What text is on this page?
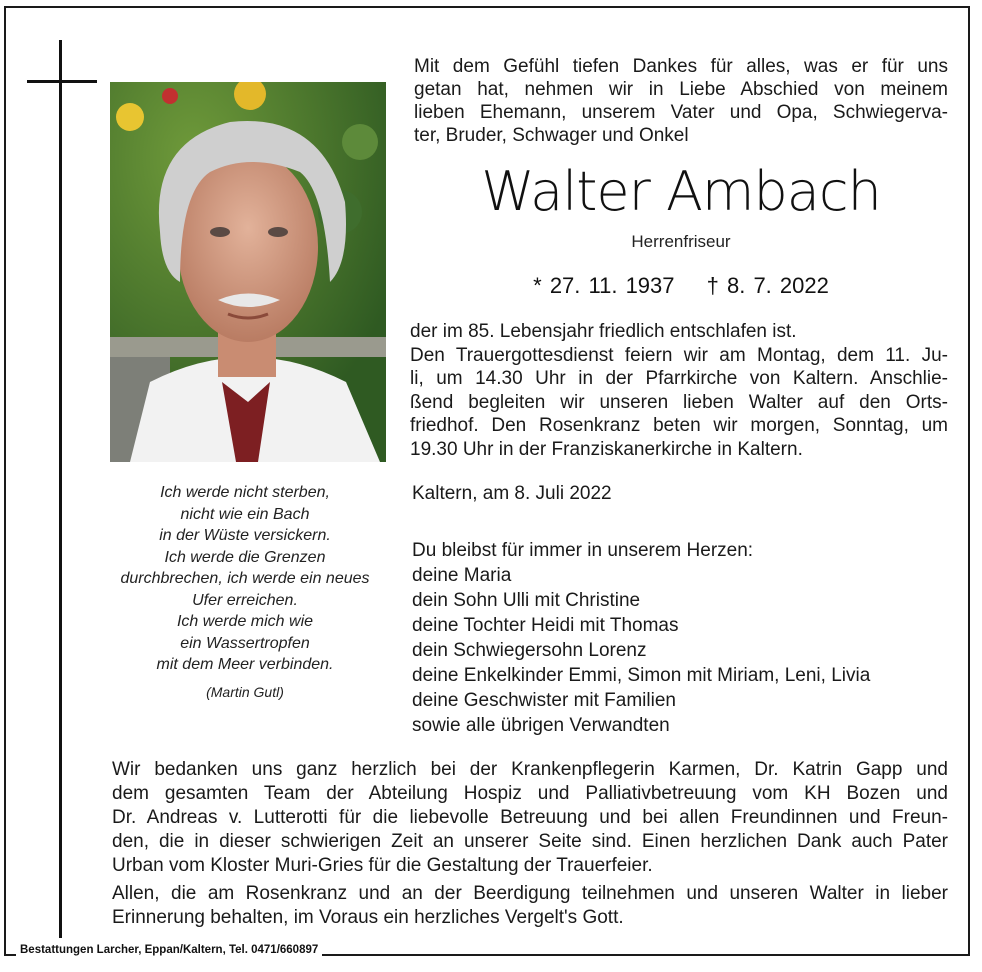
Ich werde nicht sterben,
nicht wie ein Bach
in der Wüste versickern.
Ich werde die Grenzen
durchbrechen, ich werde ein neues
Ufer erreichen.
Ich werde mich wie
ein Wassertropfen
mit dem Meer verbinden.
(Martin Gutl)
Mit dem Gefühl tiefen Dankes für alles, was er für uns
getan hat, nehmen wir in Liebe Abschied von meinem
lieben Ehemann, unserem Vater und Opa, Schwiegerva-
ter, Bruder, Schwager und Onkel
Walter Ambach
Herrenfriseur
* 27. 11. 1937 † 8. 7. 2022
der im 85. Lebensjahr friedlich entschlafen ist.
Den Trauergottesdienst feiern wir am Montag, dem 11. Ju-
li, um 14.30 Uhr in der Pfarrkirche von Kaltern. Anschlie-
ßend begleiten wir unseren lieben Walter auf den Orts-
friedhof. Den Rosenkranz beten wir morgen, Sonntag, um
19.30 Uhr in der Franziskanerkirche in Kaltern.
Kaltern, am 8. Juli 2022
Du bleibst für immer in unserem Herzen:
deine Maria
dein Sohn Ulli mit Christine
deine Tochter Heidi mit Thomas
dein Schwiegersohn Lorenz
deine Enkelkinder Emmi, Simon mit Miriam, Leni, Livia
deine Geschwister mit Familien
sowie alle übrigen Verwandten
Wir bedanken uns ganz herzlich bei der Krankenpflegerin Karmen, Dr. Katrin Gapp und
dem gesamten Team der Abteilung Hospiz und Palliativbetreuung vom KH Bozen und
Dr. Andreas v. Lutterotti für die liebevolle Betreuung und bei allen Freundinnen und Freun-
den, die in dieser schwierigen Zeit an unserer Seite sind. Einen herzlichen Dank auch Pater
Urban vom Kloster Muri-Gries für die Gestaltung der Trauerfeier.
Allen, die am Rosenkranz und an der Beerdigung teilnehmen und unseren Walter in lieber
Erinnerung behalten, im Voraus ein herzliches Vergelt's Gott.
Bestattungen Larcher, Eppan/Kaltern, Tel. 0471/660897
